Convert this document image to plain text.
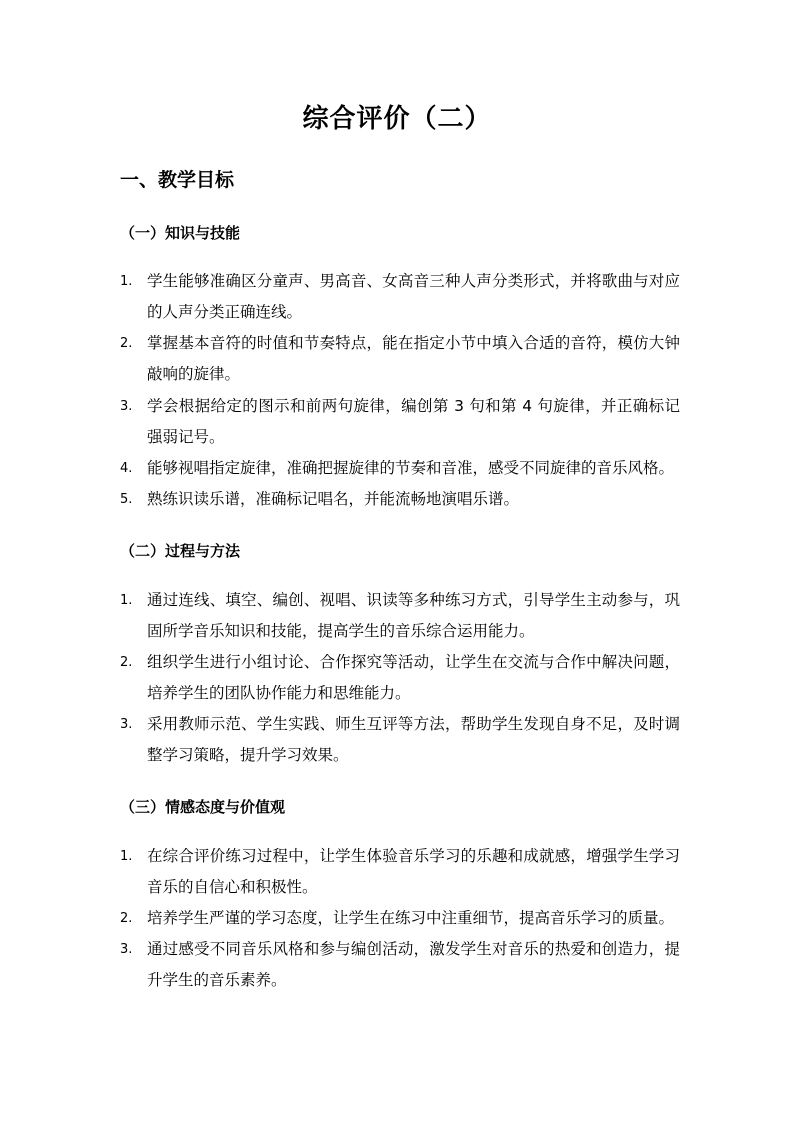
综合评价（二）
一、教学目标
（一）知识与技能
1. 学生能够准确区分童声、男高音、女高音三种人声分类形式，并将歌曲与对应的人声分类正确连线。
2. 掌握基本音符的时值和节奏特点，能在指定小节中填入合适的音符，模仿大钟敲响的旋律。
3. 学会根据给定的图示和前两句旋律，编创第 3 句和第 4 句旋律，并正确标记强弱记号。
4. 能够视唱指定旋律，准确把握旋律的节奏和音准，感受不同旋律的音乐风格。
5. 熟练识读乐谱，准确标记唱名，并能流畅地演唱乐谱。
（二）过程与方法
1. 通过连线、填空、编创、视唱、识读等多种练习方式，引导学生主动参与，巩固所学音乐知识和技能，提高学生的音乐综合运用能力。
2. 组织学生进行小组讨论、合作探究等活动，让学生在交流与合作中解决问题，培养学生的团队协作能力和思维能力。
3. 采用教师示范、学生实践、师生互评等方法，帮助学生发现自身不足，及时调整学习策略，提升学习效果。
（三）情感态度与价值观
1. 在综合评价练习过程中，让学生体验音乐学习的乐趣和成就感，增强学生学习音乐的自信心和积极性。
2. 培养学生严谨的学习态度，让学生在练习中注重细节，提高音乐学习的质量。
3. 通过感受不同音乐风格和参与编创活动，激发学生对音乐的热爱和创造力，提升学生的音乐素养。
